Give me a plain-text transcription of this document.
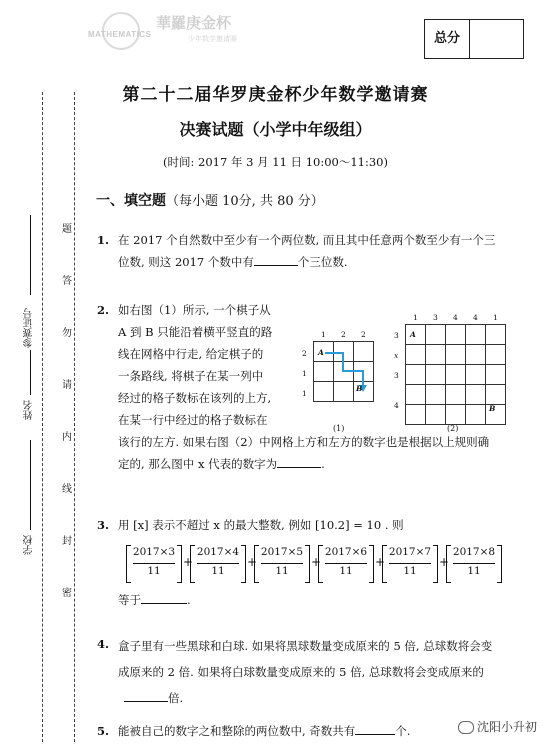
MATHEMATICS
華羅庚金杯
少年数学邀请赛	总分
第二十二届华罗庚金杯少年数学邀请赛
决赛试题（小学中年级组）
(时间: 2017 年 3 月 11 日 10:00～11:30)
一、填空题（每小题 10分, 共 80 分）
参赛证号
姓名
学校
题
答
勿
请
内
线
封
密
1. 在 2017 个自然数中至少有一个两位数, 而且其中任意两个数至少有一个三
位数, 则这 2017 个数中有	个三位数.
2. 如右图（1）所示, 一个棋子从
A 到 B 只能沿着横平竖直的路
线在网格中行走, 给定棋子的
一条路线, 将棋子在某一列中
经过的格子数标在该列的上方,
在某一行中经过的格子数标在
该行的左方. 如果右图（2）中网格上方和左方的数字也是根据以上规则确
定的, 那么图中 x 代表的数字为	.
1 2 2
2
1
1

A
B
(1)
1 3 4 4 1
3
x
3
4

A
B
(2)
3. 用 [x] 表示不超过 x 的最大整数, 例如 [10.2] = 10 . 则
2017×3
11
+
2017×4
11
+
2017×5
11
+
2017×6
11
+
2017×7
11
+
2017×8
11
等于	.
4. 盒子里有一些黑球和白球. 如果将黑球数量变成原来的 5 倍, 总球数将会变
成原来的 2 倍. 如果将白球数量变成原来的 5 倍, 总球数将会变成原来的
倍.
5. 能被自己的数字之和整除的两位数中, 奇数共有	个.	沈阳小升初
